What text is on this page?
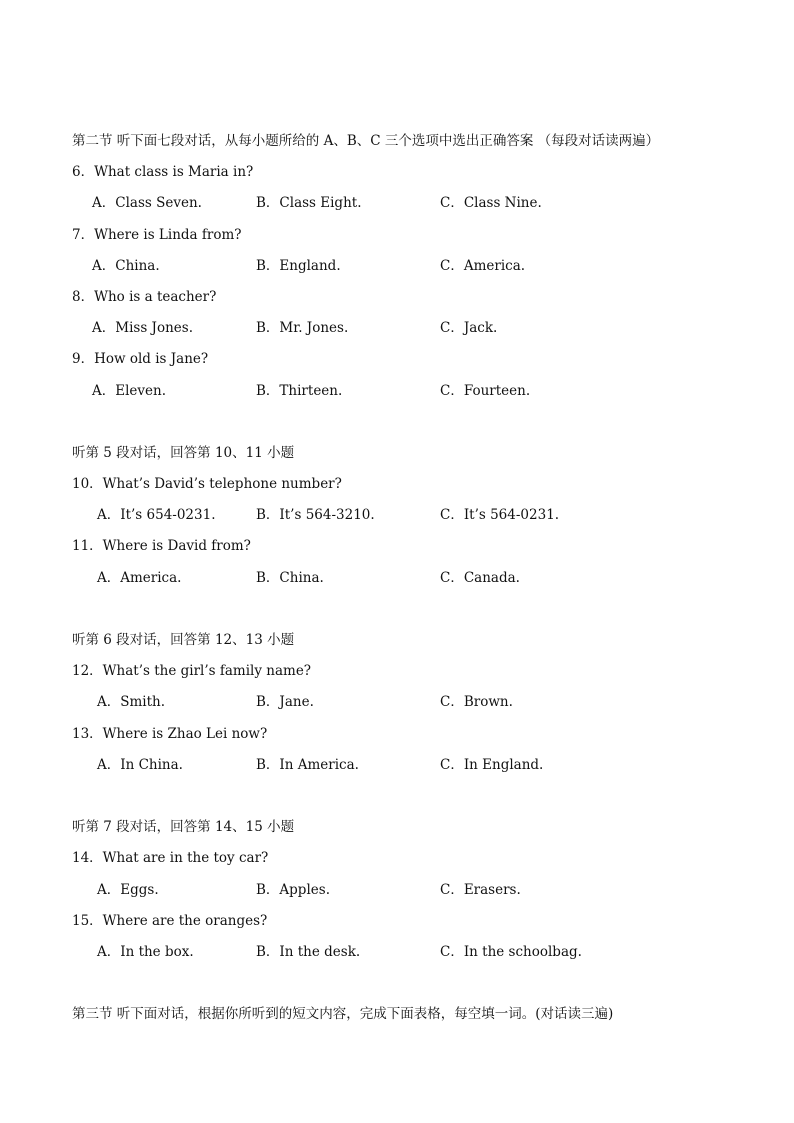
第二节 听下面七段对话，从每小题所给的 A、B、C 三个选项中选出正确答案 （每段对话读两遍）
6．What class is Maria in?
A．Class Seven.	B．Class Eight.	C．Class Nine.
7．Where is Linda from?
A．China.	B．England.	C．America.
8．Who is a teacher?
A．Miss Jones.	B．Mr. Jones.	C．Jack.
9．How old is Jane?
A．Eleven.	B．Thirteen.	C．Fourteen.
听第 5 段对话，回答第 10、11 小题
10．What’s David’s telephone number?
A．It’s 654-0231.	B．It’s 564-3210.	C．It’s 564-0231.
11．Where is David from?
A．America.	B．China.	C．Canada.
听第 6 段对话，回答第 12、13 小题
12．What’s the girl’s family name?
A．Smith.	B．Jane.	C．Brown.
13．Where is Zhao Lei now?
A．In China.	B．In America.	C．In England.
听第 7 段对话，回答第 14、15 小题
14．What are in the toy car?
A．Eggs.	B．Apples.	C．Erasers.
15．Where are the oranges?
A．In the box.	B．In the desk.	C．In the schoolbag.
第三节 听下面对话，根据你所听到的短文内容，完成下面表格，每空填一词。(对话读三遍)
